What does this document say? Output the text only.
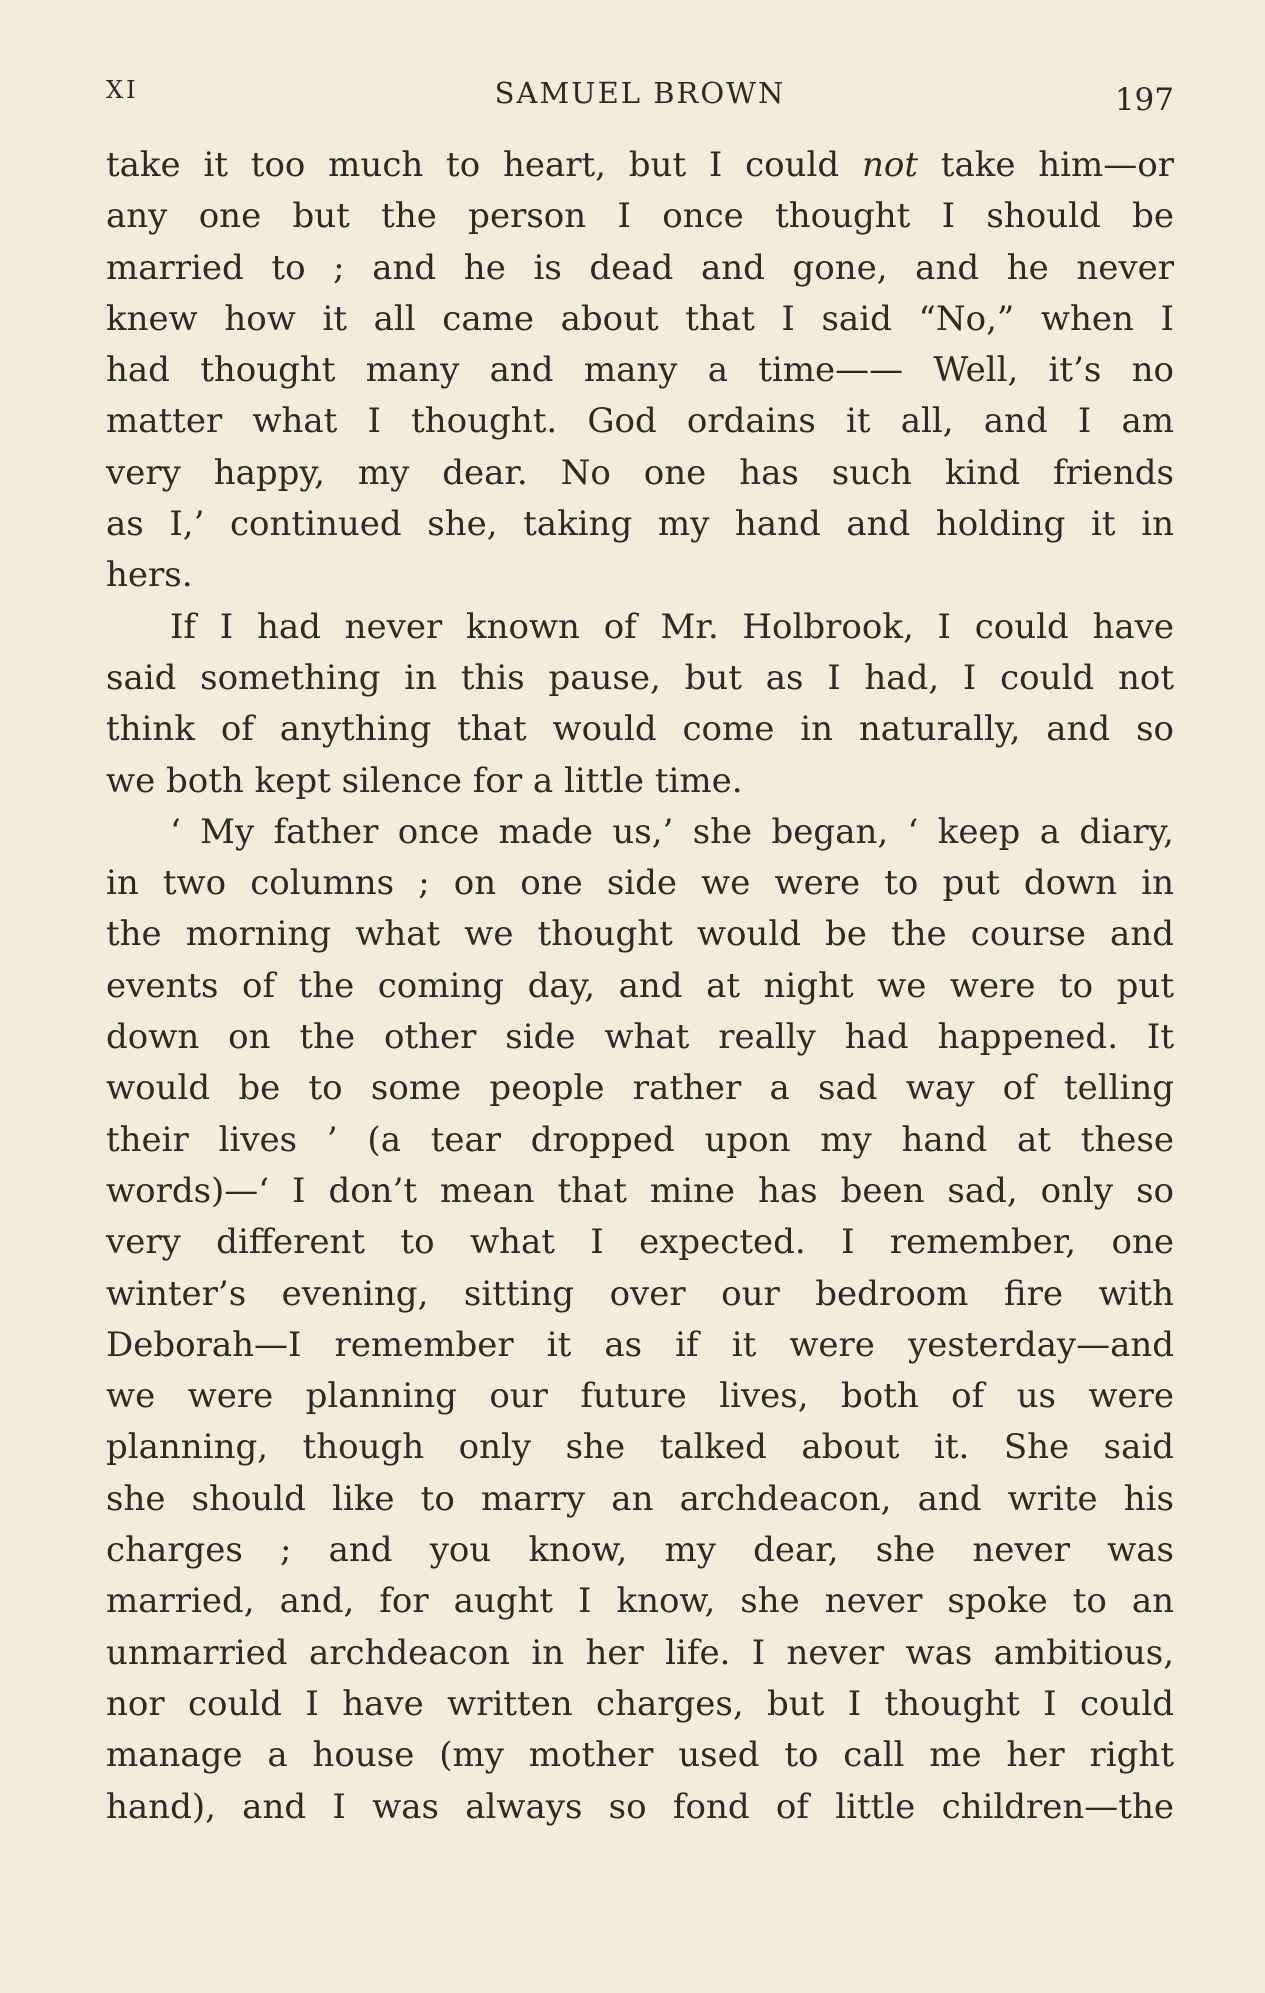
XI	SAMUEL BROWN	197
take it too much to heart, but I could not take him—or
any one but the person I once thought I should be
married to ; and he is dead and gone, and he never
knew how it all came about that I said “No,” when I
had thought many and many a time—— Well, it’s no
matter what I thought. God ordains it all, and I am
very happy, my dear. No one has such kind friends
as I,’ continued she, taking my hand and holding it in
hers.
If I had never known of Mr. Holbrook, I could have
said something in this pause, but as I had, I could not
think of anything that would come in naturally, and so
we both kept silence for a little time.
‘ My father once made us,’ she began, ‘ keep a diary,
in two columns ; on one side we were to put down in
the morning what we thought would be the course and
events of the coming day, and at night we were to put
down on the other side what really had happened. It
would be to some people rather a sad way of telling
their lives ’ (a tear dropped upon my hand at these
words)—‘ I don’t mean that mine has been sad, only so
very different to what I expected. I remember, one
winter’s evening, sitting over our bedroom fire with
Deborah—I remember it as if it were yesterday—and
we were planning our future lives, both of us were
planning, though only she talked about it. She said
she should like to marry an archdeacon, and write his
charges ; and you know, my dear, she never was
married, and, for aught I know, she never spoke to an
unmarried archdeacon in her life. I never was ambitious,
nor could I have written charges, but I thought I could
manage a house (my mother used to call me her right
hand), and I was always so fond of little children—the
